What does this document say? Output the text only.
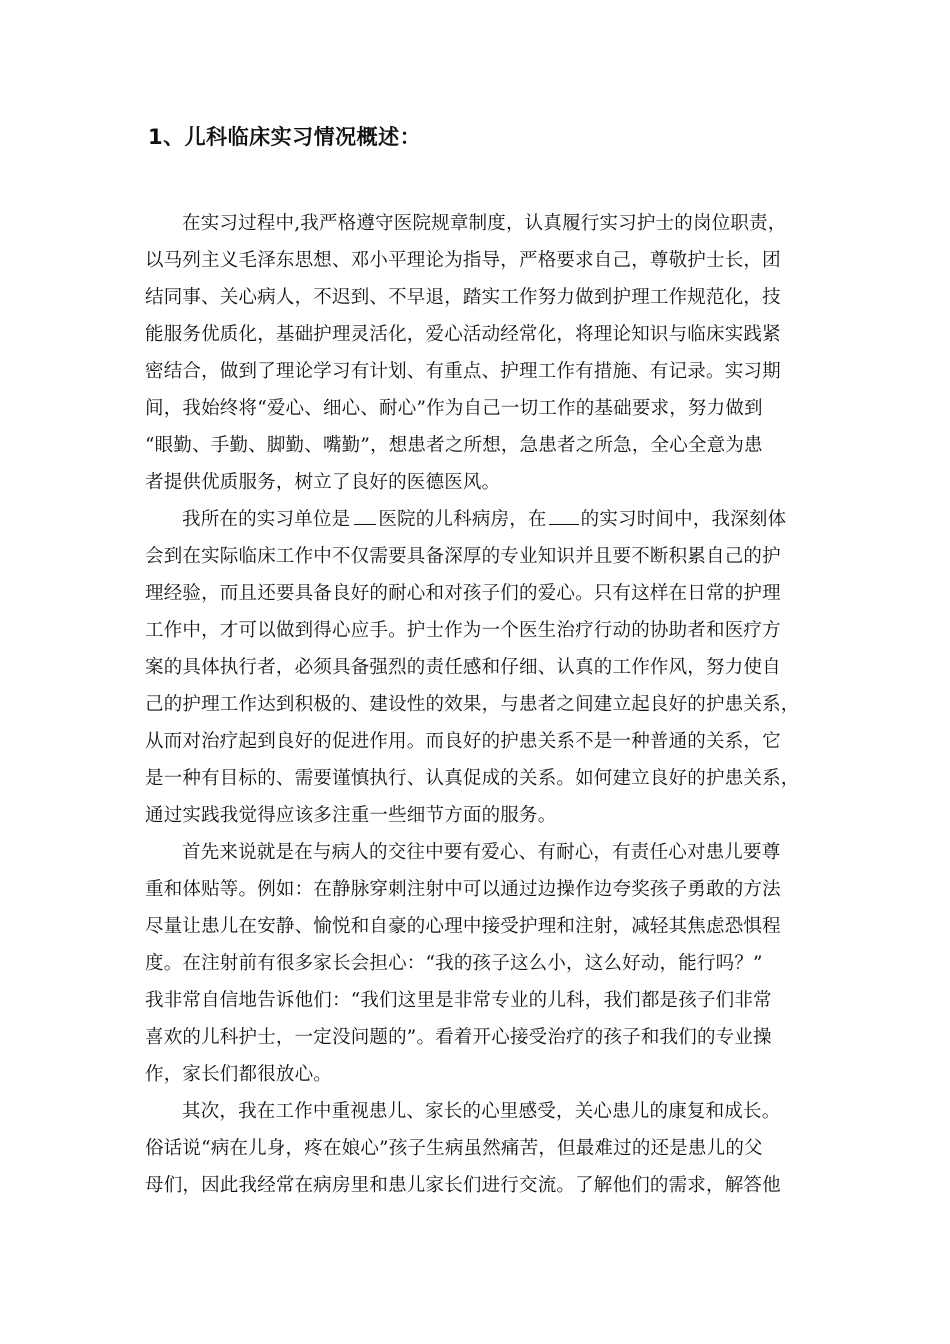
1、儿科临床实习情况概述：
在实习过程中,我严格遵守医院规章制度，认真履行实习护士的岗位职责，
以马列主义毛泽东思想、邓小平理论为指导，严格要求自己，尊敬护士长，团
结同事、关心病人，不迟到、不早退，踏实工作努力做到护理工作规范化，技
能服务优质化，基础护理灵活化，爱心活动经常化，将理论知识与临床实践紧
密结合，做到了理论学习有计划、有重点、护理工作有措施、有记录。实习期
间，我始终将“爱心、细心、耐心”作为自己一切工作的基础要求，努力做到
“眼勤、手勤、脚勤、嘴勤”，想患者之所想，急患者之所急，全心全意为患
者提供优质服务，树立了良好的医德医风。
我所在的实习单位是 医院的儿科病房，在 的实习时间中，我深刻体
会到在实际临床工作中不仅需要具备深厚的专业知识并且要不断积累自己的护
理经验，而且还要具备良好的耐心和对孩子们的爱心。只有这样在日常的护理
工作中，才可以做到得心应手。护士作为一个医生治疗行动的协助者和医疗方
案的具体执行者，必须具备强烈的责任感和仔细、认真的工作作风，努力使自
己的护理工作达到积极的、建设性的效果，与患者之间建立起良好的护患关系，
从而对治疗起到良好的促进作用。而良好的护患关系不是一种普通的关系，它
是一种有目标的、需要谨慎执行、认真促成的关系。如何建立良好的护患关系，
通过实践我觉得应该多注重一些细节方面的服务。
首先来说就是在与病人的交往中要有爱心、有耐心，有责任心对患儿要尊
重和体贴等。例如：在静脉穿刺注射中可以通过边操作边夸奖孩子勇敢的方法
尽量让患儿在安静、愉悦和自豪的心理中接受护理和注射，减轻其焦虑恐惧程
度。在注射前有很多家长会担心：“我的孩子这么小，这么好动，能行吗？”
我非常自信地告诉他们：“我们这里是非常专业的儿科，我们都是孩子们非常
喜欢的儿科护士，一定没问题的”。看着开心接受治疗的孩子和我们的专业操
作，家长们都很放心。
其次，我在工作中重视患儿、家长的心里感受，关心患儿的康复和成长。
俗话说“病在儿身，疼在娘心”孩子生病虽然痛苦，但最难过的还是患儿的父
母们，因此我经常在病房里和患儿家长们进行交流。了解他们的需求，解答他
